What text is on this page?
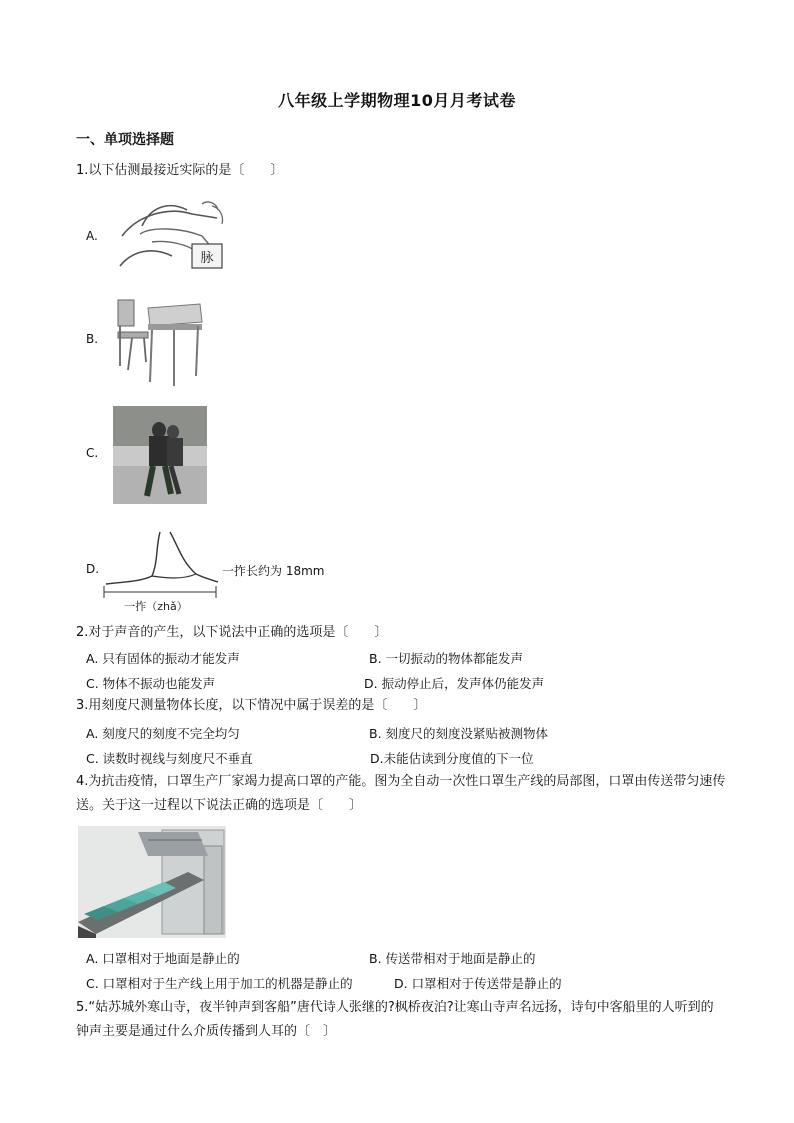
八年级上学期物理10月月考试卷
一、单项选择题
1.以下估测最接近实际的是〔　　〕
A.
脉
B.
C.
D.
一拃（zhǎ）
一拃长约为 18mm
2.对于声音的产生，以下说法中正确的选项是〔　　〕
A. 只有固体的振动才能发声	B. 一切振动的物体都能发声
C. 物体不振动也能发声	D. 振动停止后，发声体仍能发声
3.用刻度尺测量物体长度，以下情况中属于误差的是〔　　〕
A. 刻度尺的刻度不完全均匀	B. 刻度尺的刻度没紧贴被测物体
C. 读数时视线与刻度尺不垂直	D.未能估读到分度值的下一位
4.为抗击疫情，口罩生产厂家竭力提高口罩的产能。图为全自动一次性口罩生产线的局部图，口罩由传送带匀速传送。关于这一过程以下说法正确的选项是〔　　〕
A. 口罩相对于地面是静止的	B. 传送带相对于地面是静止的
C. 口罩相对于生产线上用于加工的机器是静止的	D. 口罩相对于传送带是静止的
5.“姑苏城外寒山寺，夜半钟声到客船”唐代诗人张继的?枫桥夜泊?让寒山寺声名远扬，诗句中客船里的人听到的钟声主要是通过什么介质传播到人耳的〔　〕
